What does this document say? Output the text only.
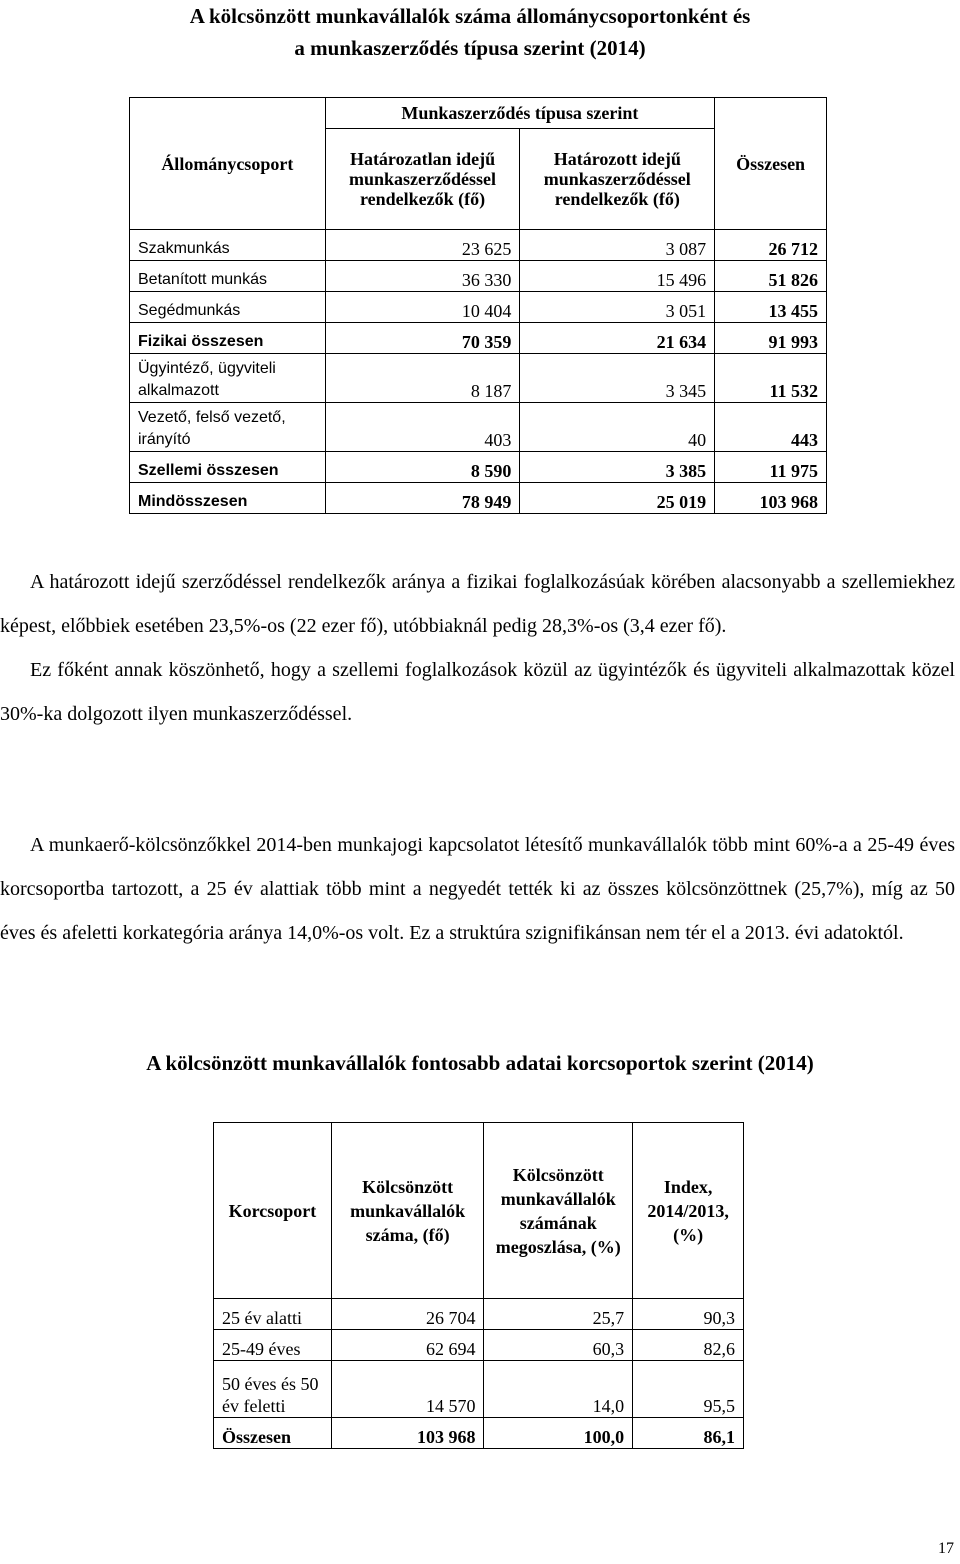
A kölcsönzött munkavállalók száma állománycsoportonként és
a munkaszerződés típusa szerint (2014)
Állománycsoport	Munkaszerződés típusa szerint		Összesen
	Határozatlan idejű munkaszerződéssel rendelkezők (fő)	Határozott idejű munkaszerződéssel rendelkezők (fő)	
Szakmunkás	23 625	3 087	26 712
Betanított munkás	36 330	15 496	51 826
Segédmunkás	10 404	3 051	13 455
Fizikai összesen	70 359	21 634	91 993
Ügyintéző, ügyviteli alkalmazott	8 187	3 345	11 532
Vezető, felső vezető, irányító	403	40	443
Szellemi összesen	8 590	3 385	11 975
Mindösszesen	78 949	25 019	103 968

A határozott idejű szerződéssel rendelkezők aránya a fizikai foglalkozásúak körében alacsonyabb a szellemiekhez képest, előbbiek esetében 23,5%-os (22 ezer fő), utóbbiaknál pedig 28,3%-os (3,4 ezer fő).

Ez főként annak köszönhető, hogy a szellemi foglalkozások közül az ügyintézők és ügyviteli alkalmazottak közel 30%-ka dolgozott ilyen munkaszerződéssel.

A munkaerő-kölcsönzőkkel 2014-ben munkajogi kapcsolatot létesítő munkavállalók több mint 60%-a a 25-49 éves korcsoportba tartozott, a 25 év alattiak több mint a negyedét tették ki az összes kölcsönzöttnek (25,7%), míg az 50 éves és afeletti korkategória aránya 14,0%-os volt. Ez a struktúra szignifikánsan nem tér el a 2013. évi adatoktól.

A kölcsönzött munkavállalók fontosabb adatai korcsoportok szerint (2014)
Korcsoport	Kölcsönzött munkavállalók száma, (fő)	Kölcsönzött munkavállalók számának megoszlása, (%)	Index, 2014/2013, (%)
25 év alatti	26 704	25,7	90,3
25-49 éves	62 694	60,3	82,6
50 éves és 50 év feletti	14 570	14,0	95,5
Összesen	103 968	100,0	86,1
17
